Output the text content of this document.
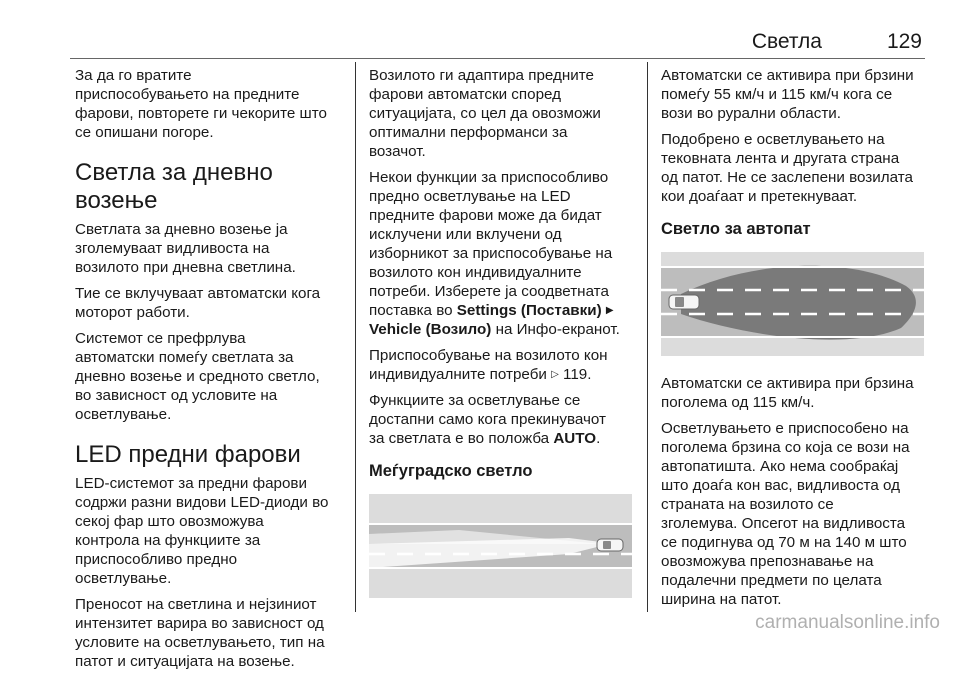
Светла	129

За да го вратите
приспособувањето на предните
фарови, повторете ги чекорите што
се опишани погоре.

Светла за дневно возење

Светлата за дневно возење ја
зголемуваат видливоста на
возилото при дневна светлина.

Тие се вклучуваат автоматски кога
моторот работи.

Системот се префрлува
автоматски помеѓу светлата за
дневно возење и средното светло,
во зависност од условите на
осветлување.

LED предни фарови

LED-системот за предни фарови
содржи разни видови LED-диоди во
секој фар што овозможува
контрола на функциите за
приспособливо предно
осветлување.

Преносот на светлина и нејзиниот
интензитет варира во зависност од
условите на осветлувањето, тип на
патот и ситуацијата на возење.

Возилото ги адаптира предните
фарови автоматски според
ситуацијата, со цел да овозможи
оптимални перформанси за
возачот.

Некои функции за приспособливо
предно осветлување на LED
предните фарови може да бидат
исклучени или вклучени од
изборникот за приспособување на
возилото кон индивидуалните
потреби. Изберете ја соодветната
поставка во Settings (Поставки) ▶
Vehicle (Возило) на Инфо-екранот.

Приспособување на возилото кон
индивидуалните потреби ▷ 119.

Функциите за осветлување се
достапни само кога прекинувачот
за светлата е во положба AUTO.

Меѓуградско светло

Автоматски се активира при брзини
помеѓу 55 км/ч и 115 км/ч кога се
вози во рурални области.

Подобрено е осветлувањето на
тековната лента и другата страна
од патот. Не се заслепени возилата
кои доаѓаат и претекнуваат.

Светло за автопат

Автоматски се активира при брзина
поголема од 115 км/ч.

Осветлувањето е приспособено на
поголема брзина со која се вози на
автопатишта. Ако нема сообраќај
што доаѓа кон вас, видливоста од
страната на возилото се
зголемува. Опсегот на видливоста
се подигнува од 70 м на 140 м што
овозможува препознавање на
подалечни предмети по целата
ширина на патот.

carmanualsonline.info
